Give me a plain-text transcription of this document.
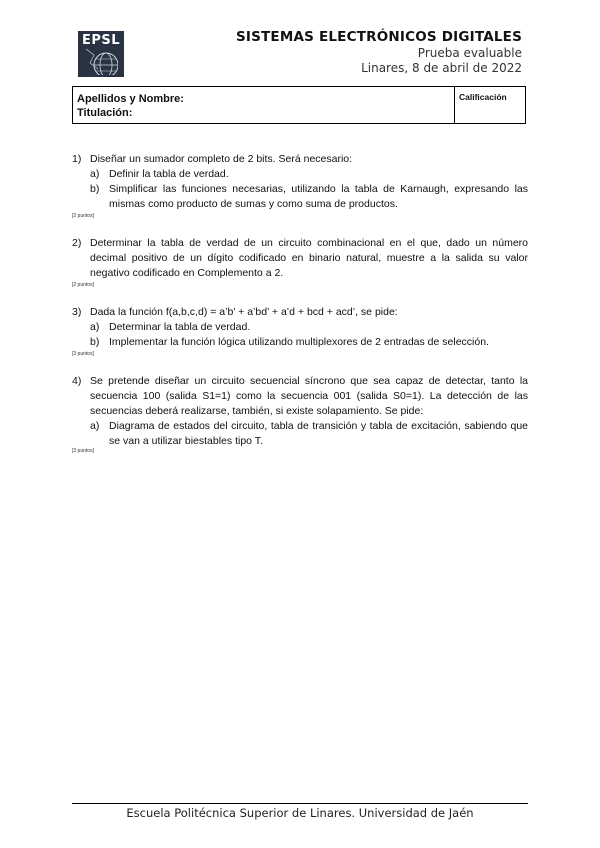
EPSL	SISTEMAS ELECTRÓNICOS DIGITALES
Prueba evaluable
Linares, 8 de abril de 2022
Apellidos y Nombre:
Titulación:
Calificación
1) Diseñar un sumador completo de 2 bits. Será necesario:
a) Definir la tabla de verdad.
b) Simplificar las funciones necesarias, utilizando la tabla de Karnaugh, expresando las mismas como producto de sumas y como suma de productos.
[2 puntos]
2) Determinar la tabla de verdad de un circuito combinacional en el que, dado un número decimal positivo de un dígito codificado en binario natural, muestre a la salida su valor negativo codificado en Complemento a 2.
[2 puntos]
3) Dada la función f(a,b,c,d) = a’b’ + a’bd’ + a’d + bcd + acd’, se pide:
a) Determinar la tabla de verdad.
b) Implementar la función lógica utilizando multiplexores de 2 entradas de selección.
[3 puntos]
4) Se pretende diseñar un circuito secuencial síncrono que sea capaz de detectar, tanto la secuencia 100 (salida S1=1) como la secuencia 001 (salida S0=1). La detección de las secuencias deberá realizarse, también, si existe solapamiento. Se pide:
a) Diagrama de estados del circuito, tabla de transición y tabla de excitación, sabiendo que se van a utilizar biestables tipo T.
[3 puntos]
Escuela Politécnica Superior de Linares. Universidad de Jaén
